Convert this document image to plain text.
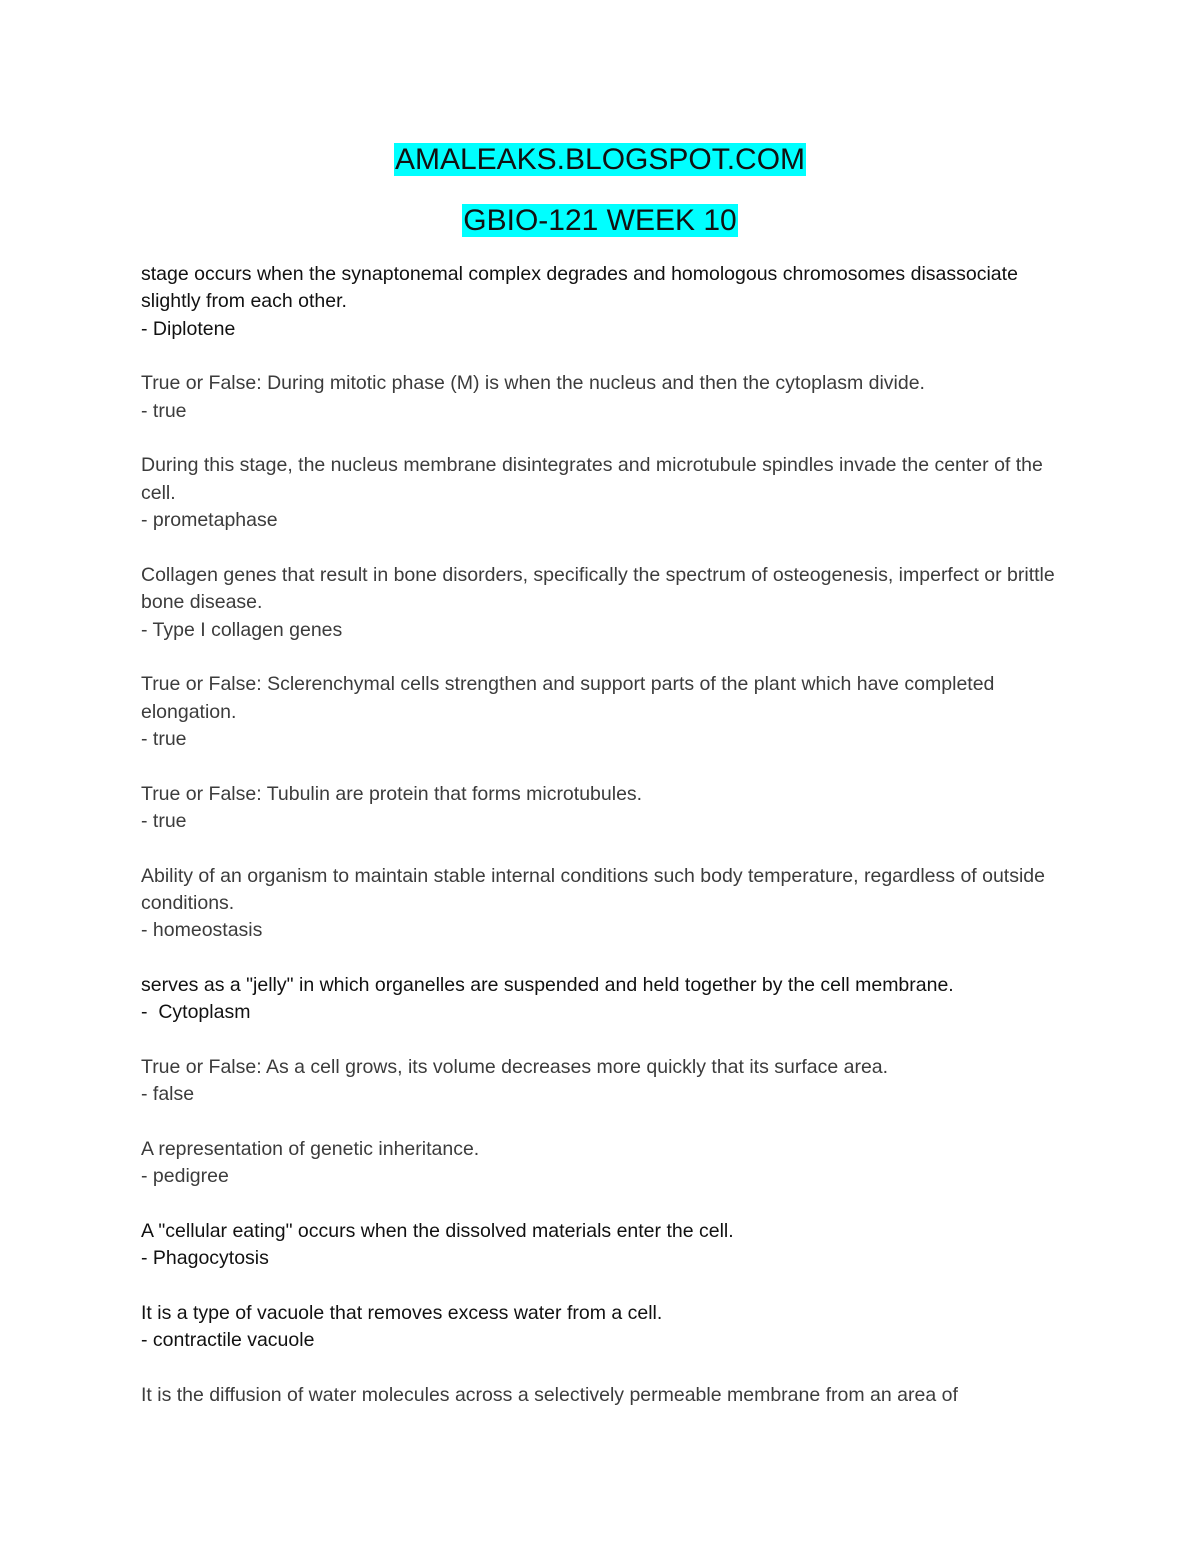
AMALEAKS.BLOGSPOT.COM
GBIO-121 WEEK 10

stage occurs when the synaptonemal complex degrades and homologous chromosomes disassociate slightly from each other.

- Diplotene

True or False: During mitotic phase (M) is when the nucleus and then the cytoplasm divide.

- true

During this stage, the nucleus membrane disintegrates and microtubule spindles invade the center of the cell.

- prometaphase

Collagen genes that result in bone disorders, specifically the spectrum of osteogenesis, imperfect or brittle bone disease.

- Type I collagen genes

True or False: Sclerenchymal cells strengthen and support parts of the plant which have completed elongation.

- true

True or False: Tubulin are protein that forms microtubules.

- true

Ability of an organism to maintain stable internal conditions such body temperature, regardless of outside conditions.

- homeostasis

serves as a "jelly" in which organelles are suspended and held together by the cell membrane.

-  Cytoplasm

True or False: As a cell grows, its volume decreases more quickly that its surface area.

- false

A representation of genetic inheritance.

- pedigree

A "cellular eating" occurs when the dissolved materials enter the cell.

- Phagocytosis

It is a type of vacuole that removes excess water from a cell.

- contractile vacuole

It is the diffusion of water molecules across a selectively permeable membrane from an area of
